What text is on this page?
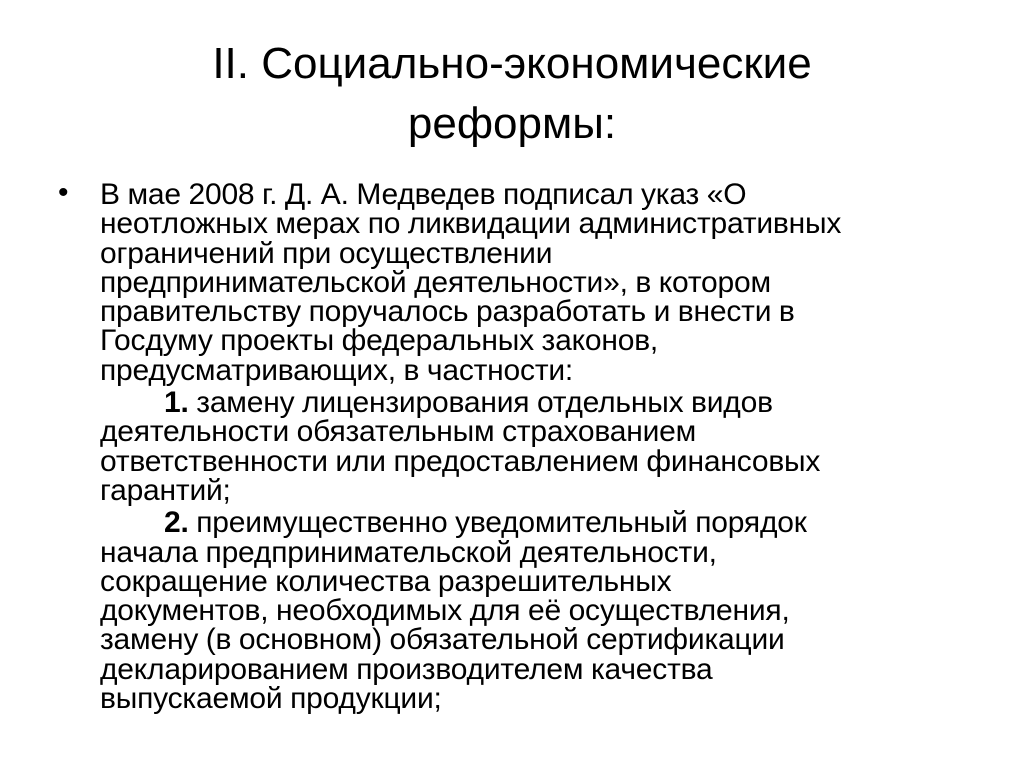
II. Социально-экономические
реформы:
• В мае 2008 г. Д. А. Медведев подписал указ «О
неотложных мерах по ликвидации административных
ограничений при осуществлении
предпринимательской деятельности», в котором
правительству поручалось разработать и внести в
Госдуму проекты федеральных законов,
предусматривающих, в частности:
1. замену лицензирования отдельных видов
деятельности обязательным страхованием
ответственности или предоставлением финансовых
гарантий;
2. преимущественно уведомительный порядок
начала предпринимательской деятельности,
сокращение количества разрешительных
документов, необходимых для её осуществления,
замену (в основном) обязательной сертификации
декларированием производителем качества
выпускаемой продукции;
